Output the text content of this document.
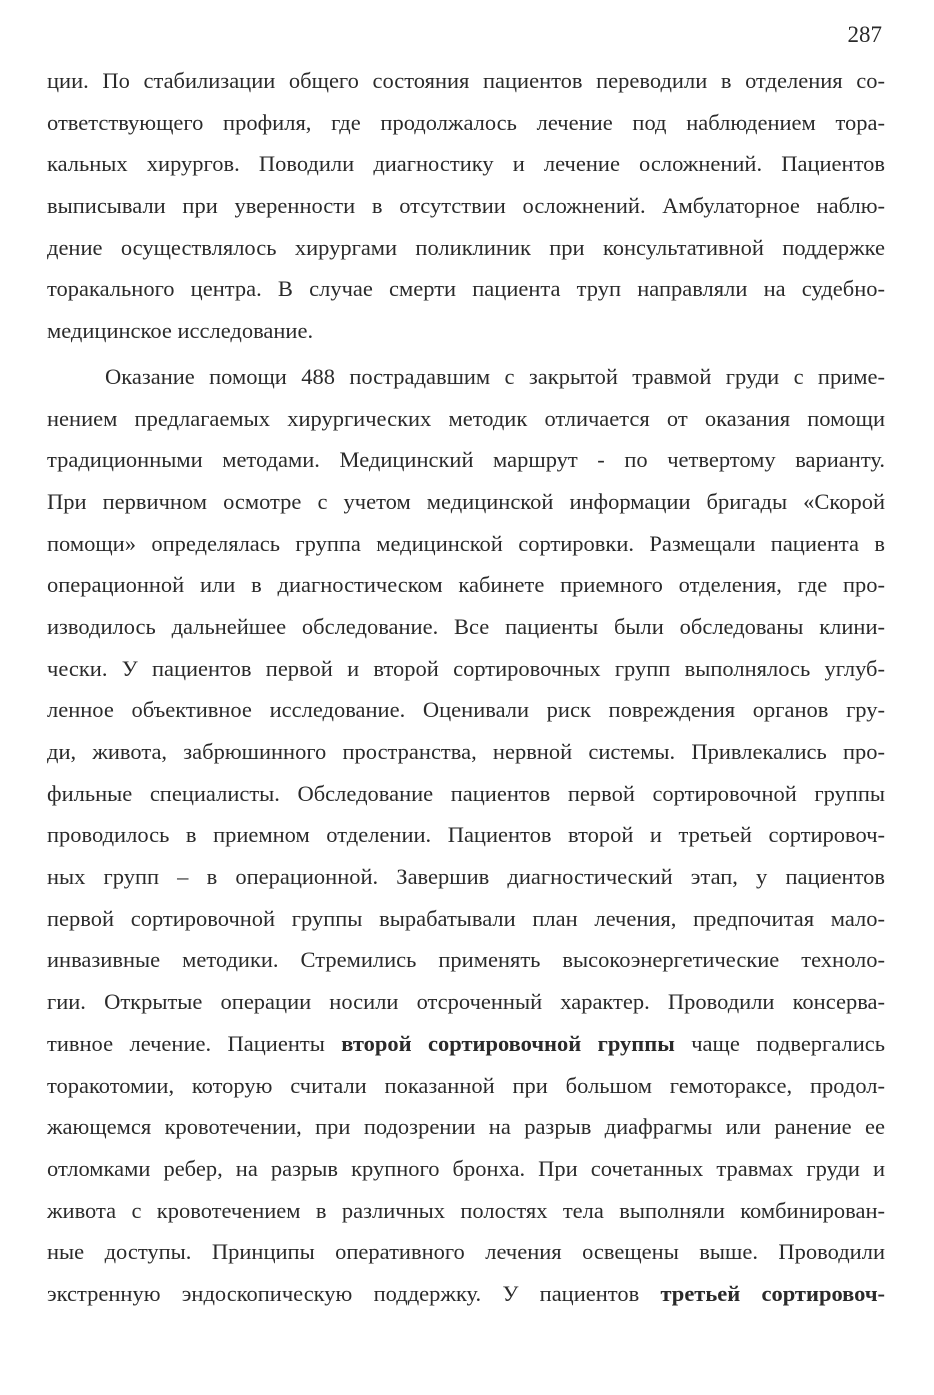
287
ции. По стабилизации общего состояния пациентов переводили в отделения со-
ответствующего профиля, где продолжалось лечение под наблюдением тора-
кальных хирургов. Поводили диагностику и лечение осложнений. Пациентов
выписывали при уверенности в отсутствии осложнений. Амбулаторное наблю-
дение осуществлялось хирургами поликлиник при консультативной поддержке
торакального центра. В случае смерти пациента труп направляли на судебно-
медицинское исследование.
Оказание помощи 488 пострадавшим с закрытой травмой груди с приме-
нением предлагаемых хирургических методик отличается от оказания помощи
традиционными методами. Медицинский маршрут - по четвертому варианту.
При первичном осмотре с учетом медицинской информации бригады «Скорой
помощи» определялась группа медицинской сортировки. Размещали пациента в
операционной или в диагностическом кабинете приемного отделения, где про-
изводилось дальнейшее обследование. Все пациенты были обследованы клини-
чески. У пациентов первой и второй сортировочных групп выполнялось углуб-
ленное объективное исследование. Оценивали риск повреждения органов гру-
ди, живота, забрюшинного пространства, нервной системы. Привлекались про-
фильные специалисты. Обследование пациентов первой сортировочной группы
проводилось в приемном отделении. Пациентов второй и третьей сортировоч-
ных групп – в операционной. Завершив диагностический этап, у пациентов
первой сортировочной группы вырабатывали план лечения, предпочитая мало-
инвазивные методики. Стремились применять высокоэнергетические техноло-
гии. Открытые операции носили отсроченный характер. Проводили консерва-
тивное лечение. Пациенты второй сортировочной группы чаще подвергались
торакотомии, которую считали показанной при большом гемотораксе, продол-
жающемся кровотечении, при подозрении на разрыв диафрагмы или ранение ее
отломками ребер, на разрыв крупного бронха. При сочетанных травмах груди и
живота с кровотечением в различных полостях тела выполняли комбинирован-
ные доступы. Принципы оперативного лечения освещены выше. Проводили
экстренную эндоскопическую поддержку. У пациентов третьей сортировоч-
